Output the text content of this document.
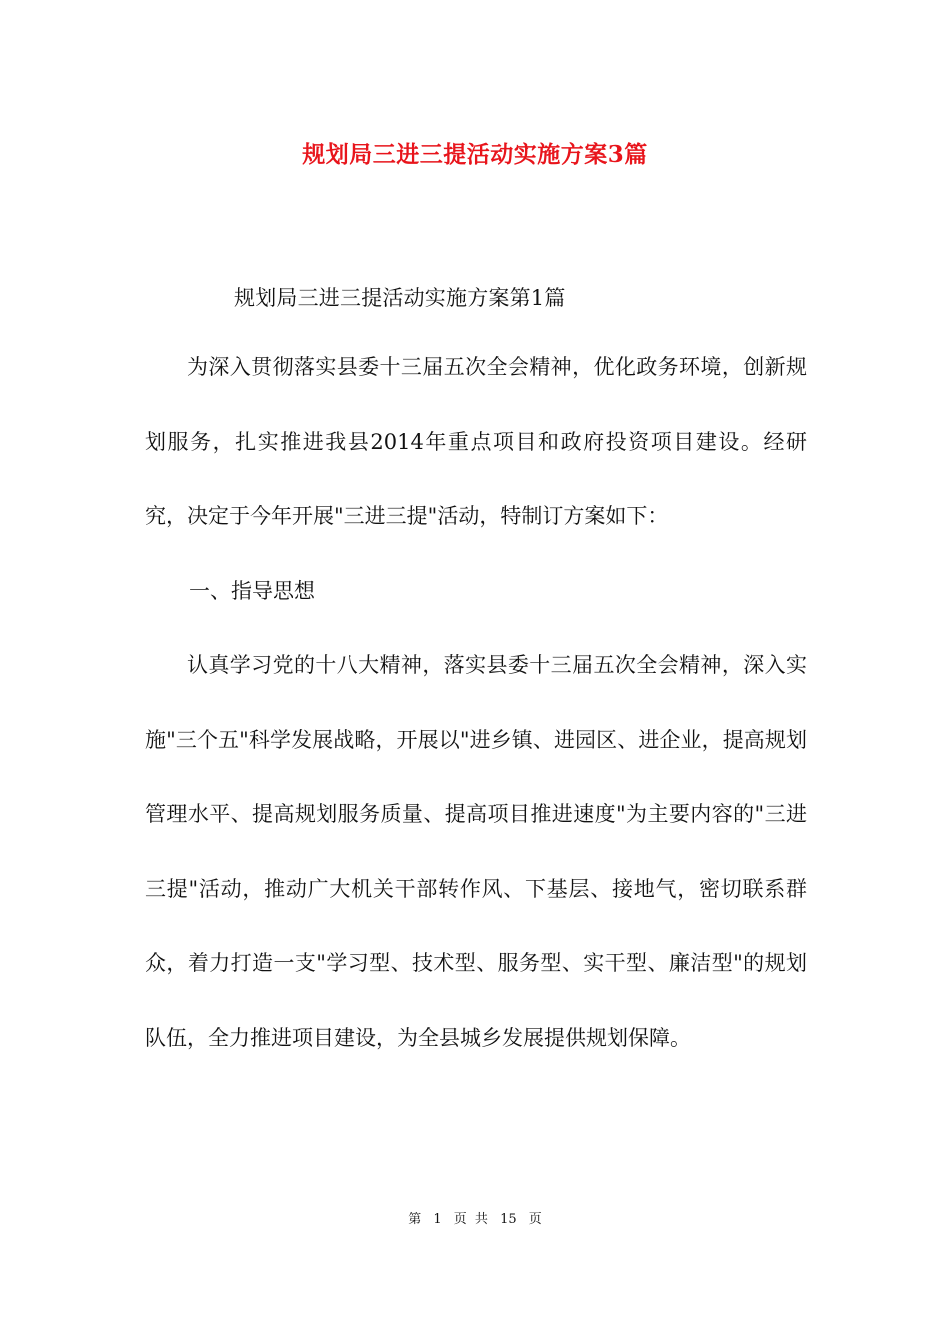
规划局三进三提活动实施方案3篇
规划局三进三提活动实施方案第1篇
为深入贯彻落实县委十三届五次全会精神，优化政务环境，创新规划服务，扎实推进我县2014年重点项目和政府投资项目建设。经研究，决定于今年开展"三进三提"活动，特制订方案如下：
一、指导思想
认真学习党的十八大精神，落实县委十三届五次全会精神，深入实施"三个五"科学发展战略，开展以"进乡镇、进园区、进企业，提高规划管理水平、提高规划服务质量、提高项目推进速度"为主要内容的"三进三提"活动，推动广大机关干部转作风、下基层、接地气，密切联系群众，着力打造一支"学习型、技术型、服务型、实干型、廉洁型"的规划队伍，全力推进项目建设，为全县城乡发展提供规划保障。
第 1 页 共 15 页
